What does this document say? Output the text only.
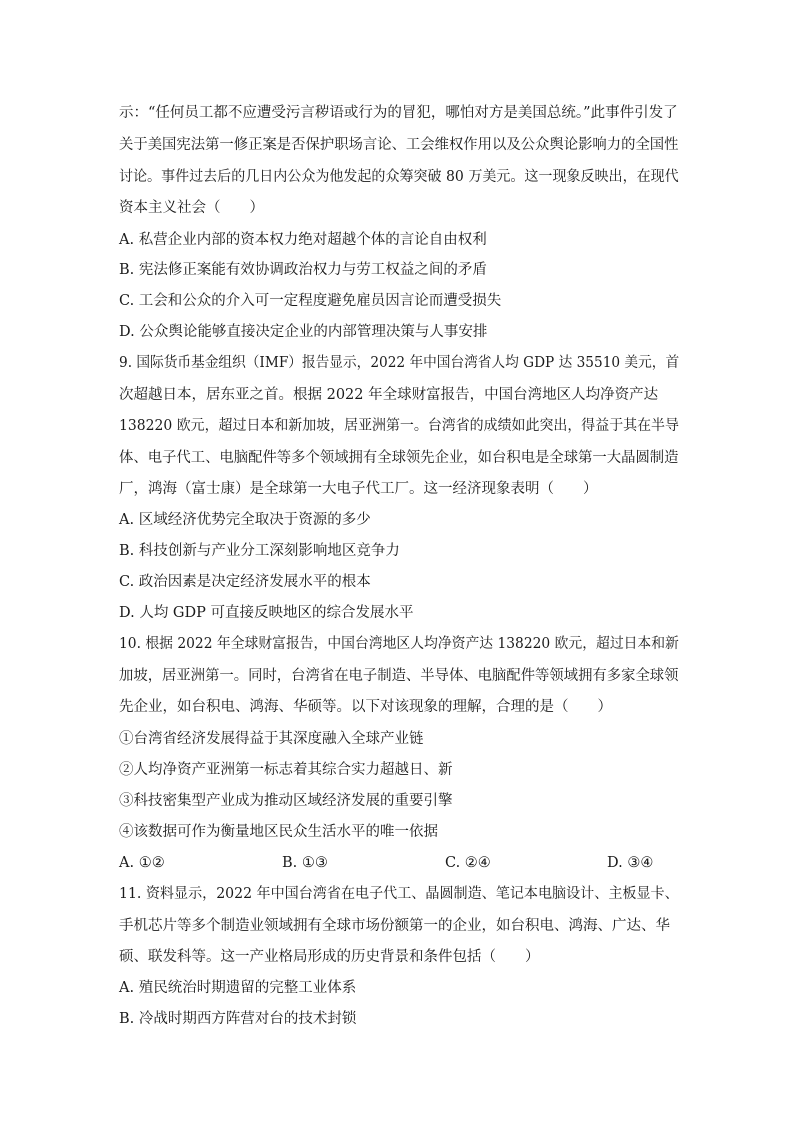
示：“任何员工都不应遭受污言秽语或行为的冒犯，哪怕对方是美国总统。”此事件引发了
关于美国宪法第一修正案是否保护职场言论、工会维权作用以及公众舆论影响力的全国性
讨论。事件过去后的几日内公众为他发起的众筹突破 80 万美元。这一现象反映出，在现代
资本主义社会（　　）
A. 私营企业内部的资本权力绝对超越个体的言论自由权利
B. 宪法修正案能有效协调政治权力与劳工权益之间的矛盾
C. 工会和公众的介入可一定程度避免雇员因言论而遭受损失
D. 公众舆论能够直接决定企业的内部管理决策与人事安排
9. 国际货币基金组织（IMF）报告显示，2022 年中国台湾省人均 GDP 达 35510 美元，首
次超越日本，居东亚之首。根据 2022 年全球财富报告，中国台湾地区人均净资产达
138220 欧元，超过日本和新加坡，居亚洲第一。台湾省的成绩如此突出，得益于其在半导
体、电子代工、电脑配件等多个领域拥有全球领先企业，如台积电是全球第一大晶圆制造
厂，鸿海（富士康）是全球第一大电子代工厂。这一经济现象表明（　　）
A. 区域经济优势完全取决于资源的多少
B. 科技创新与产业分工深刻影响地区竞争力
C. 政治因素是决定经济发展水平的根本
D. 人均 GDP 可直接反映地区的综合发展水平
10. 根据 2022 年全球财富报告，中国台湾地区人均净资产达 138220 欧元，超过日本和新
加坡，居亚洲第一。同时，台湾省在电子制造、半导体、电脑配件等领域拥有多家全球领
先企业，如台积电、鸿海、华硕等。以下对该现象的理解，合理的是（　　）
①台湾省经济发展得益于其深度融入全球产业链
②人均净资产亚洲第一标志着其综合实力超越日、新
③科技密集型产业成为推动区域经济发展的重要引擎
④该数据可作为衡量地区民众生活水平的唯一依据
A. ①②	B. ①③	C. ②④	D. ③④
11. 资料显示，2022 年中国台湾省在电子代工、晶圆制造、笔记本电脑设计、主板显卡、
手机芯片等多个制造业领域拥有全球市场份额第一的企业，如台积电、鸿海、广达、华
硕、联发科等。这一产业格局形成的历史背景和条件包括（　　）
A. 殖民统治时期遗留的完整工业体系
B. 冷战时期西方阵营对台的技术封锁
